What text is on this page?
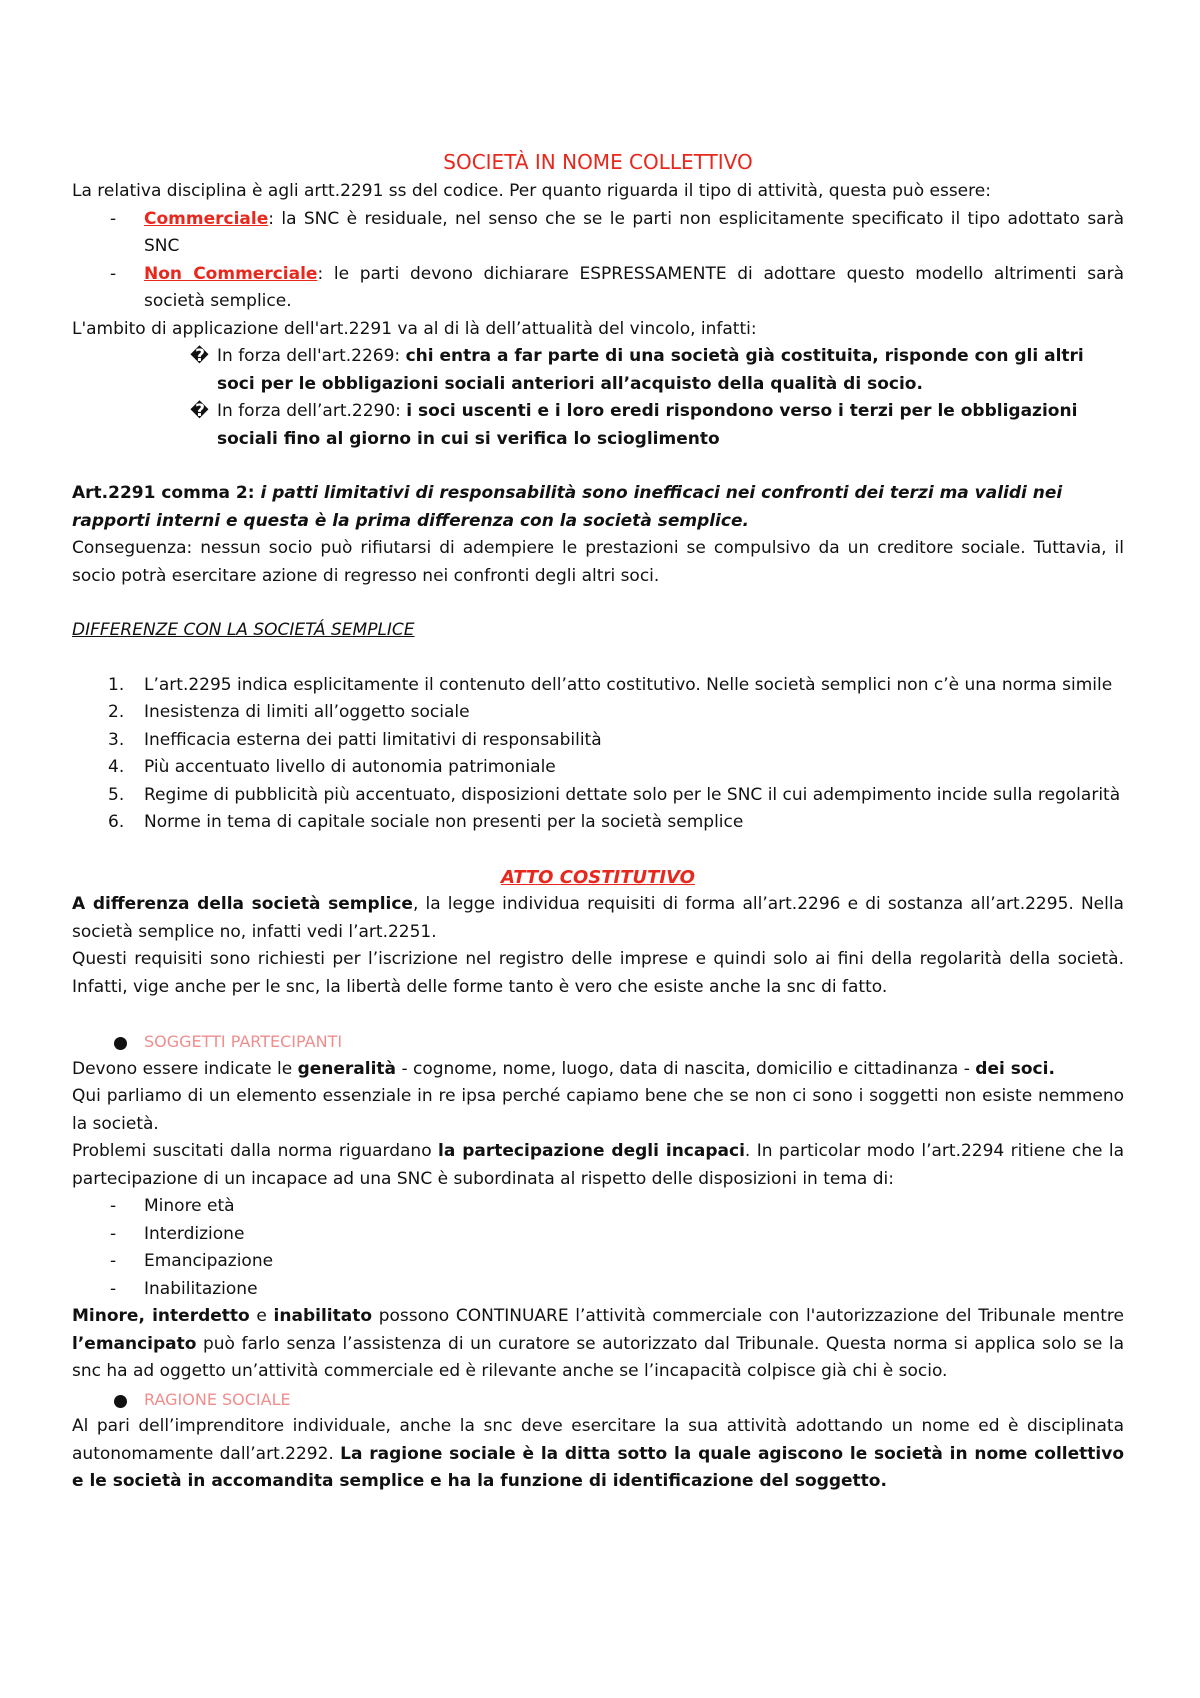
SOCIETÀ IN NOME COLLETTIVO

La relativa disciplina è agli artt.2291 ss del codice. Per quanto riguarda il tipo di attività, questa può essere:

- Commerciale: la SNC è residuale, nel senso che se le parti non esplicitamente specificato il tipo adottato sarà SNC
- Non Commerciale: le parti devono dichiarare ESPRESSAMENTE di adottare questo modello altrimenti sarà società semplice.

L'ambito di applicazione dell'art.2291 va al di là dell’attualità del vincolo, infatti:

� In forza dell'art.2269: chi entra a far parte di una società già costituita, risponde con gli altri soci per le obbligazioni sociali anteriori all’acquisto della qualità di socio.
� In forza dell’art.2290: i soci uscenti e i loro eredi rispondono verso i terzi per le obbligazioni sociali fino al giorno in cui si verifica lo scioglimento

Art.2291 comma 2: i patti limitativi di responsabilità sono inefficaci nei confronti dei terzi ma validi nei rapporti interni e questa è la prima differenza con la società semplice.

Conseguenza: nessun socio può rifiutarsi di adempiere le prestazioni se compulsivo da un creditore sociale. Tuttavia, il socio potrà esercitare azione di regresso nei confronti degli altri soci.

DIFFERENZE CON LA SOCIETÁ SEMPLICE

1. L’art.2295 indica esplicitamente il contenuto dell’atto costitutivo. Nelle società semplici non c’è una norma simile
2. Inesistenza di limiti all’oggetto sociale
3. Inefficacia esterna dei patti limitativi di responsabilità
4. Più accentuato livello di autonomia patrimoniale
5. Regime di pubblicità più accentuato, disposizioni dettate solo per le SNC il cui adempimento incide sulla regolarità
6. Norme in tema di capitale sociale non presenti per la società semplice

ATTO COSTITUTIVO

A differenza della società semplice, la legge individua requisiti di forma all’art.2296 e di sostanza all’art.2295. Nella società semplice no, infatti vedi l’art.2251.

Questi requisiti sono richiesti per l’iscrizione nel registro delle imprese e quindi solo ai fini della regolarità della società. Infatti, vige anche per le snc, la libertà delle forme tanto è vero che esiste anche la snc di fatto.

SOGGETTI PARTECIPANTI

Devono essere indicate le generalità - cognome, nome, luogo, data di nascita, domicilio e cittadinanza - dei soci.

Qui parliamo di un elemento essenziale in re ipsa perché capiamo bene che se non ci sono i soggetti non esiste nemmeno la società.

Problemi suscitati dalla norma riguardano la partecipazione degli incapaci. In particolar modo l’art.2294 ritiene che la partecipazione di un incapace ad una SNC è subordinata al rispetto delle disposizioni in tema di:

- Minore età
- Interdizione
- Emancipazione
- Inabilitazione

Minore, interdetto e inabilitato possono CONTINUARE l’attività commerciale con l'autorizzazione del Tribunale mentre l’emancipato può farlo senza l’assistenza di un curatore se autorizzato dal Tribunale. Questa norma si applica solo se la snc ha ad oggetto un’attività commerciale ed è rilevante anche se l’incapacità colpisce già chi è socio.

RAGIONE SOCIALE

Al pari dell’imprenditore individuale, anche la snc deve esercitare la sua attività adottando un nome ed è disciplinata autonomamente dall’art.2292. La ragione sociale è la ditta sotto la quale agiscono le società in nome collettivo e le società in accomandita semplice e ha la funzione di identificazione del soggetto.
